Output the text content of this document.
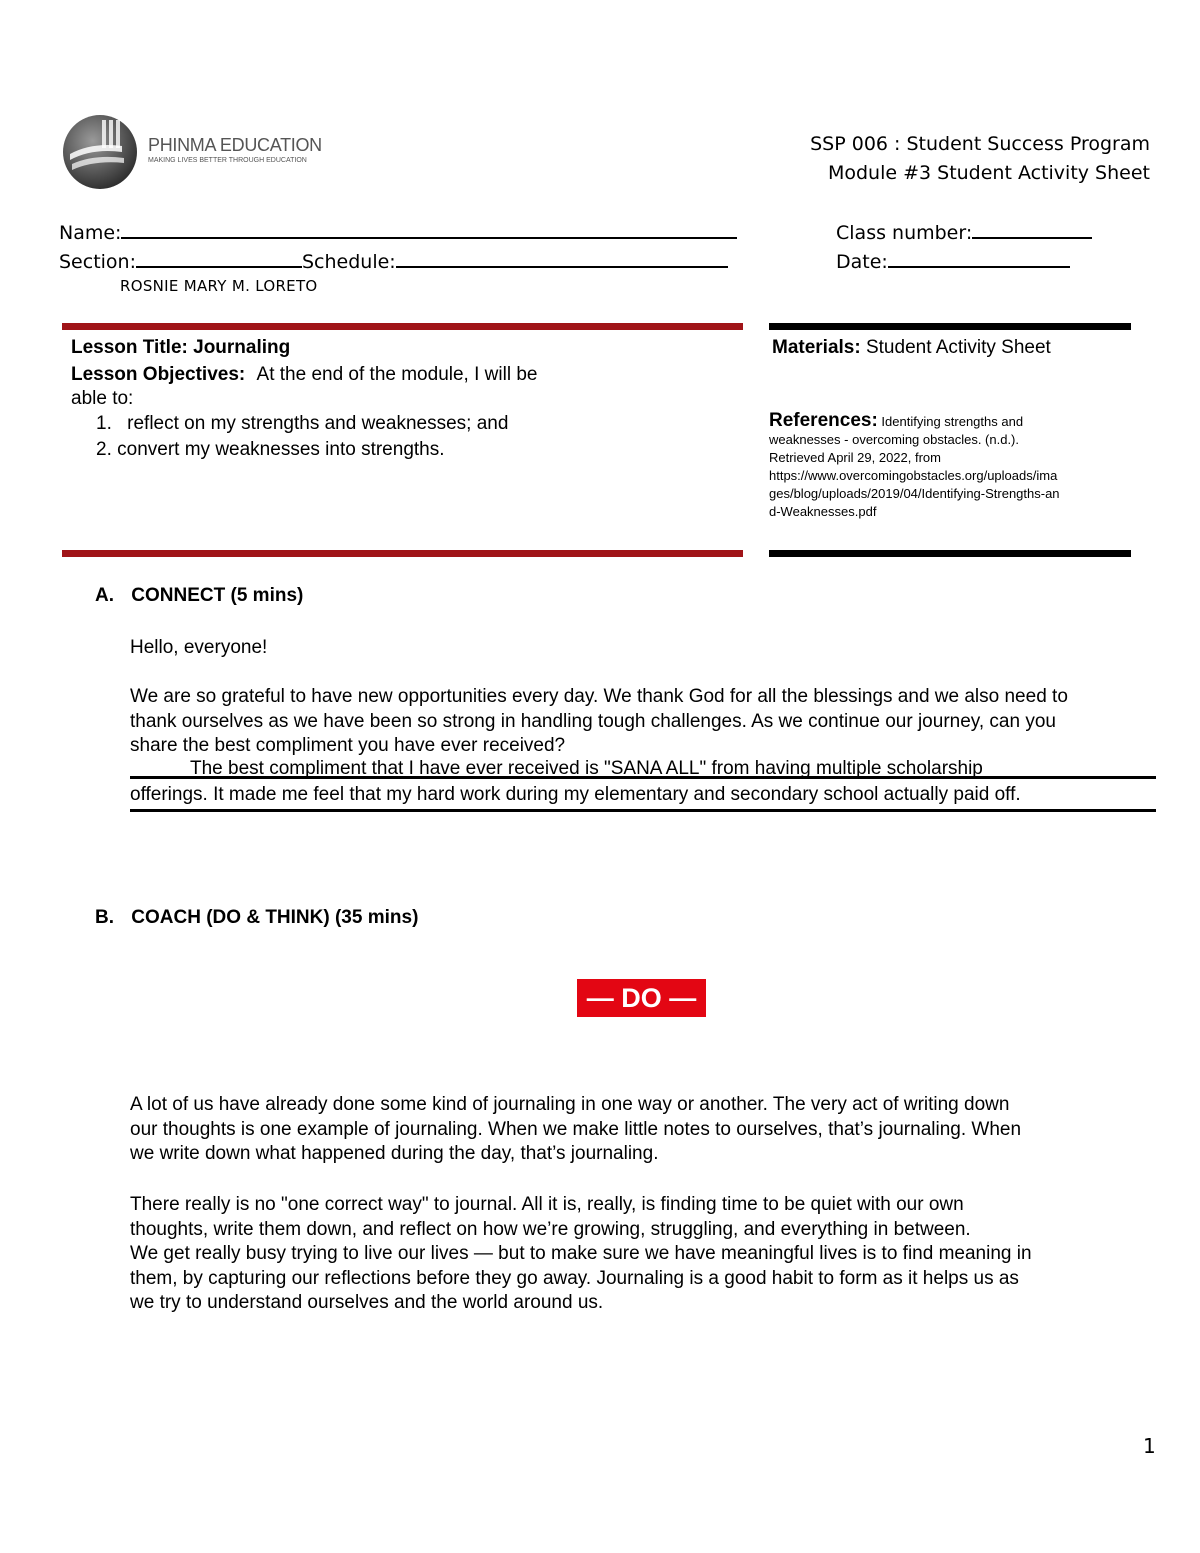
PHINMA EDUCATION
MAKING LIVES BETTER THROUGH EDUCATION
SSP 006 : Student Success Program
Module #3 Student Activity Sheet
Name:
Section:	Schedule:
Class number:
Date:
ROSNIE MARY M. LORETO
Lesson Title: Journaling
Lesson Objectives: At the end of the module, I will be
able to:
1. reflect on my strengths and weaknesses; and
2. convert my weaknesses into strengths.
Materials: Student Activity Sheet
References: Identifying strengths and
weaknesses - overcoming obstacles. (n.d.).
Retrieved April 29, 2022, from
https://www.overcomingobstacles.org/uploads/ima
ges/blog/uploads/2019/04/Identifying-Strengths-an
d-Weaknesses.pdf
A. CONNECT (5 mins)
Hello, everyone!
We are so grateful to have new opportunities every day. We thank God for all the blessings and we also need to
thank ourselves as we have been so strong in handling tough challenges. As we continue our journey, can you
share the best compliment you have ever received?
The best compliment that I have ever received is "SANA ALL" from having multiple scholarship
offerings. It made me feel that my hard work during my elementary and secondary school actually paid off.
B. COACH (DO & THINK) (35 mins)
— DO —
A lot of us have already done some kind of journaling in one way or another. The very act of writing down
our thoughts is one example of journaling. When we make little notes to ourselves, that’s journaling. When
we write down what happened during the day, that’s journaling.
There really is no "one correct way" to journal. All it is, really, is finding time to be quiet with our own
thoughts, write them down, and reflect on how we’re growing, struggling, and everything in between.
We get really busy trying to live our lives — but to make sure we have meaningful lives is to find meaning in
them, by capturing our reflections before they go away. Journaling is a good habit to form as it helps us as
we try to understand ourselves and the world around us.
1
